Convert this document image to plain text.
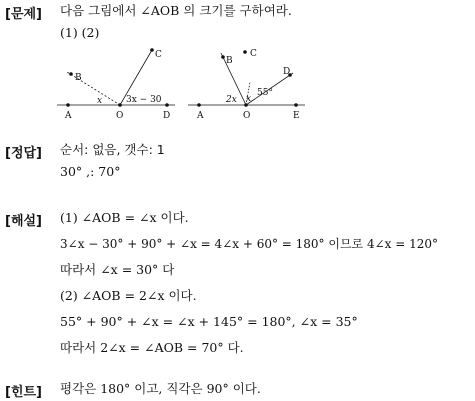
[문제] 다음 그림에서 ∠AOB 의 크기를 구하여라.
(1) (2)
C
B
A	O	D
x	3x − 30
B
C
D
A	O	E
2x x
55°
[정답] 순서: 없음, 갯수: 1
30° ,: 70°
[해설] (1) ∠AOB = ∠x 이다.
3∠x − 30° + 90° + ∠x = 4∠x + 60° = 180° 이므로 4∠x = 120°
따라서 ∠x = 30° 다
(2) ∠AOB = 2∠x 이다.
55° + 90° + ∠x = ∠x + 145° = 180°, ∠x = 35°
따라서 2∠x = ∠AOB = 70° 다.
[힌트] 평각은 180° 이고, 직각은 90° 이다.
